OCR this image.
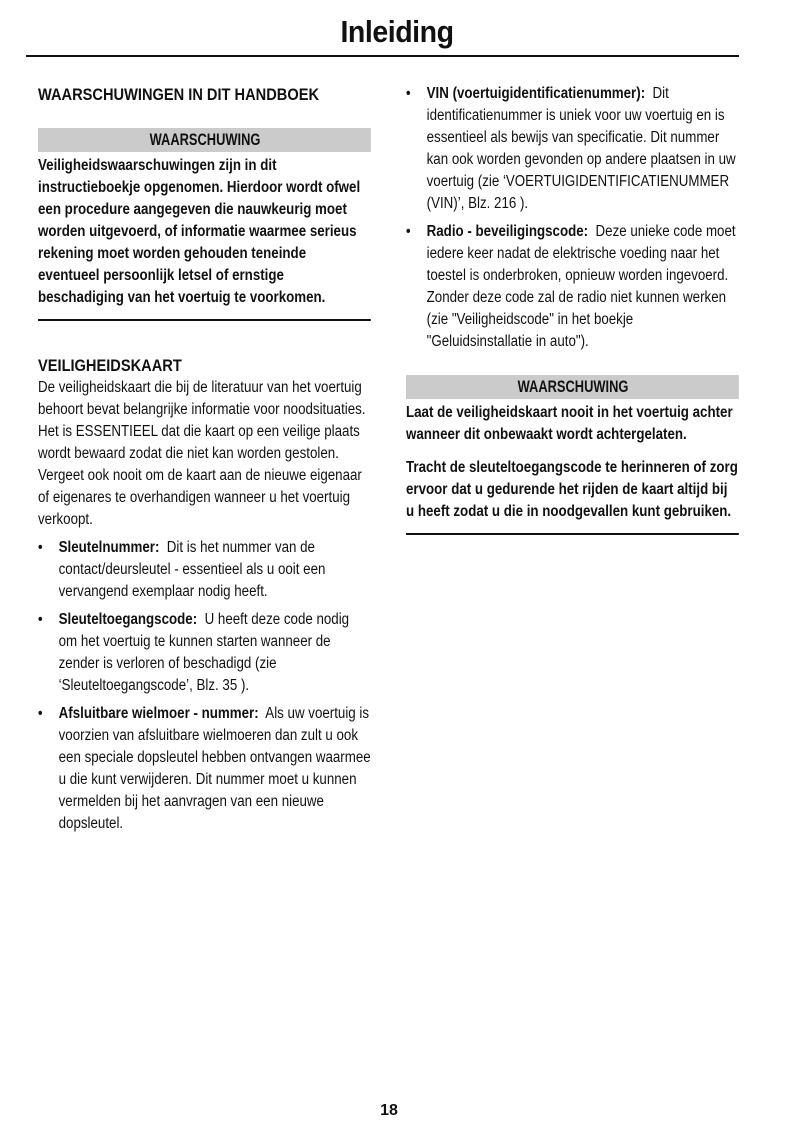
Inleiding
WAARSCHUWINGEN IN DIT HANDBOEK
WAARSCHUWING

Veiligheidswaarschuwingen zijn in dit instructieboekje opgenomen. Hierdoor wordt ofwel een procedure aangegeven die nauwkeurig moet worden uitgevoerd, of informatie waarmee serieus rekening moet worden gehouden teneinde eventueel persoonlijk letsel of ernstige beschadiging van het voertuig te voorkomen.

VEILIGHEIDSKAART

De veiligheidskaart die bij de literatuur van het voertuig behoort bevat belangrijke informatie voor noodsituaties. Het is ESSENTIEEL dat die kaart op een veilige plaats wordt bewaard zodat die niet kan worden gestolen. Vergeet ook nooit om de kaart aan de nieuwe eigenaar of eigenares te overhandigen wanneer u het voertuig verkoopt.

• Sleutelnummer: Dit is het nummer van de contact/deursleutel - essentieel als u ooit een vervangend exemplaar nodig heeft.
• Sleuteltoegangscode: U heeft deze code nodig om het voertuig te kunnen starten wanneer de zender is verloren of beschadigd (zie ‘Sleuteltoegangscode’, Blz. 35 ).
• Afsluitbare wielmoer - nummer: Als uw voertuig is voorzien van afsluitbare wielmoeren dan zult u ook een speciale dopsleutel hebben ontvangen waarmee u die kunt verwijderen. Dit nummer moet u kunnen vermelden bij het aanvragen van een nieuwe dopsleutel.
• VIN (voertuigidentificatienummer): Dit identificatienummer is uniek voor uw voertuig en is essentieel als bewijs van specificatie. Dit nummer kan ook worden gevonden op andere plaatsen in uw voertuig (zie ‘VOERTUIGIDENTIFICATIENUMMER (VIN)’, Blz. 216 ).
• Radio - beveiligingscode: Deze unieke code moet iedere keer nadat de elektrische voeding naar het toestel is onderbroken, opnieuw worden ingevoerd. Zonder deze code zal de radio niet kunnen werken (zie "Veiligheidscode" in het boekje "Geluidsinstallatie in auto").
WAARSCHUWING

Laat de veiligheidskaart nooit in het voertuig achter wanneer dit onbewaakt wordt achtergelaten.

Tracht de sleuteltoegangscode te herinneren of zorg ervoor dat u gedurende het rijden de kaart altijd bij u heeft zodat u die in noodgevallen kunt gebruiken.

18
